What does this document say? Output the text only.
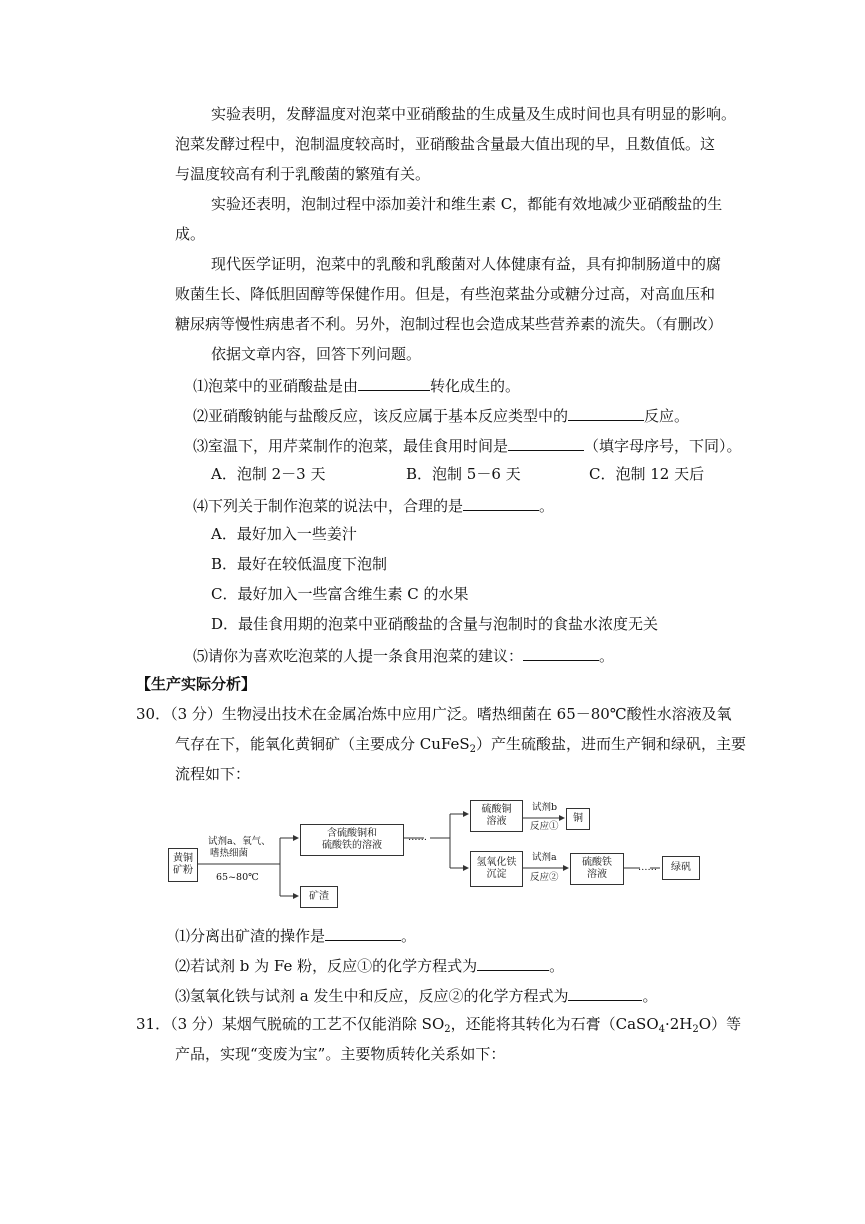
实验表明，发酵温度对泡菜中亚硝酸盐的生成量及生成时间也具有明显的影响。
泡菜发酵过程中，泡制温度较高时，亚硝酸盐含量最大值出现的早，且数值低。这
与温度较高有利于乳酸菌的繁殖有关。
实验还表明，泡制过程中添加姜汁和维生素 C，都能有效地减少亚硝酸盐的生
成。
现代医学证明，泡菜中的乳酸和乳酸菌对人体健康有益，具有抑制肠道中的腐
败菌生长、降低胆固醇等保健作用。但是，有些泡菜盐分或糖分过高，对高血压和
糖尿病等慢性病患者不利。另外，泡制过程也会造成某些营养素的流失。（有删改）
依据文章内容，回答下列问题。
⑴泡菜中的亚硝酸盐是由	转化成生的。
⑵亚硝酸钠能与盐酸反应，该反应属于基本反应类型中的	反应。
⑶室温下，用芹菜制作的泡菜，最佳食用时间是	（填字母序号，下同）。
A．泡制 2－3 天	B．泡制 5－6 天	C．泡制 12 天后
⑷下列关于制作泡菜的说法中，合理的是	。
A．最好加入一些姜汁
B．最好在较低温度下泡制
C．最好加入一些富含维生素 C 的水果
D．最佳食用期的泡菜中亚硝酸盐的含量与泡制时的食盐水浓度无关
⑸请你为喜欢吃泡菜的人提一条食用泡菜的建议：	。
【生产实际分析】
30．（3 分）生物浸出技术在金属冶炼中应用广泛。嗜热细菌在 65－80℃酸性水溶液及氧
气存在下，能氧化黄铜矿（主要成分 CuFeS$_2$）产生硫酸盐，进而生产铜和绿矾，主要
流程如下：
黄铜
矿粉
试剂a、氧气、
嗜热细菌
65~80℃
含硫酸铜和
硫酸铁的溶液
……
矿渣
硫酸铜
溶液
试剂b
反应①
铜
氢氧化铁
沉淀
试剂a
反应②
硫酸铁
溶液
……	绿矾
⑴分离出矿渣的操作是	。
⑵若试剂 b 为 Fe 粉，反应①的化学方程式为	。
⑶氢氧化铁与试剂 a 发生中和反应，反应②的化学方程式为	。
31．（3 分）某烟气脱硫的工艺不仅能消除 $SO_2$，还能将其转化为石膏$(CaSO_4\cdot 2H_2O)$等
产品，实现“变废为宝”。主要物质转化关系如下：
